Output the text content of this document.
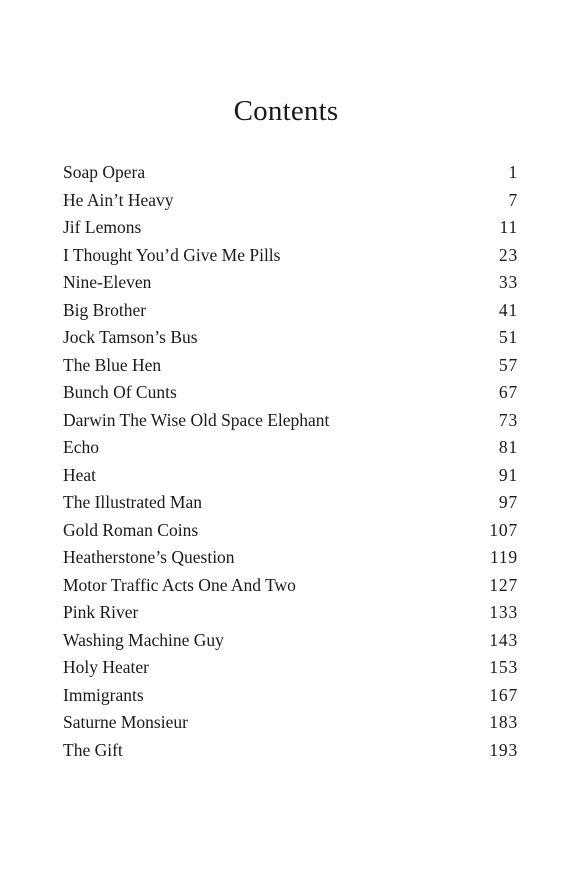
Contents
Soap Opera	1
He Ain’t Heavy	7
Jif Lemons	11
I Thought You’d Give Me Pills	23
Nine-Eleven	33
Big Brother	41
Jock Tamson’s Bus	51
The Blue Hen	57
Bunch Of Cunts	67
Darwin The Wise Old Space Elephant	73
Echo	81
Heat	91
The Illustrated Man	97
Gold Roman Coins	107
Heatherstone’s Question	119
Motor Traffic Acts One And Two	127
Pink River	133
Washing Machine Guy	143
Holy Heater	153
Immigrants	167
Saturne Monsieur	183
The Gift	193
